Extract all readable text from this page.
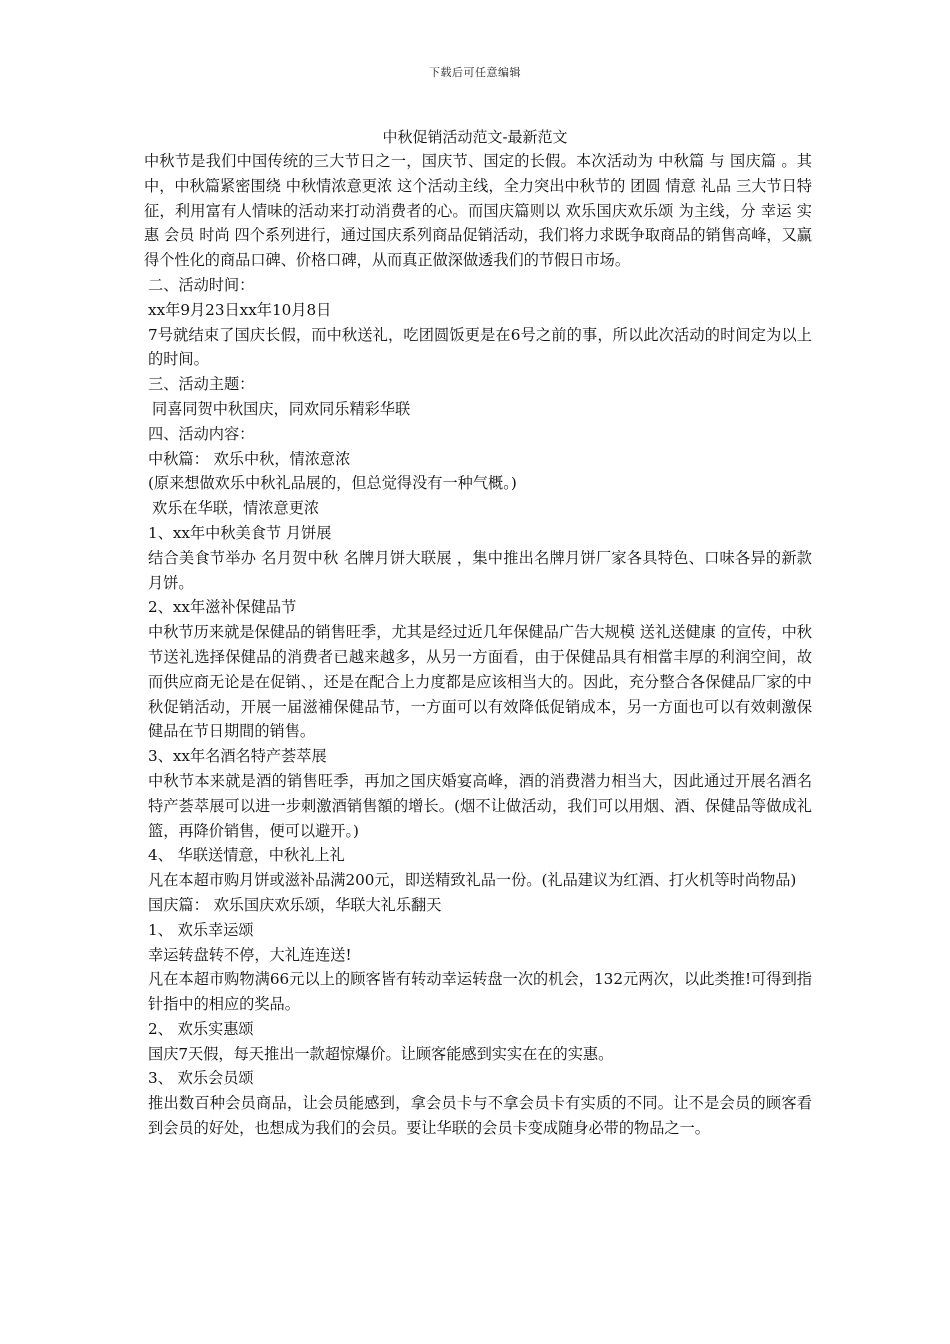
下载后可任意编辑
中秋促销活动范文-最新范文

中秋节是我们中国传统的三大节日之一，国庆节、国定的长假。本次活动为 中秋篇 与 国庆篇 。其中，中秋篇紧密围绕 中秋情浓意更浓 这个活动主线，全力突出中秋节的 团圆 情意 礼品 三大节日特征，利用富有人情味的活动来打动消费者的心。而国庆篇则以 欢乐国庆欢乐颂 为主线，分 幸运 实惠 会员 时尚 四个系列进行，通过国庆系列商品促销活动，我们将力求既争取商品的销售高峰，又赢得个性化的商品口碑、价格口碑，从而真正做深做透我们的节假日市场。

二、活动时间：

xx年9月23日xx年10月8日

7号就结束了国庆长假，而中秋送礼，吃团圆饭更是在6号之前的事，所以此次活动的时间定为以上的时间。

三、活动主题：

同喜同贺中秋国庆，同欢同乐精彩华联

四、活动内容：

中秋篇： 欢乐中秋，情浓意浓

(原来想做欢乐中秋礼品展的，但总觉得没有一种气概。)

欢乐在华联，情浓意更浓

1、xx年中秋美食节 月饼展

结合美食节举办 名月贺中秋 名牌月饼大联展 ，集中推出名牌月饼厂家各具特色、口味各异的新款月饼。

2、xx年滋补保健品节

中秋节历来就是保健品的销售旺季，尤其是经过近几年保健品广告大规模 送礼送健康 的宣传，中秋节送礼选择保健品的消费者已越来越多，从另一方面看，由于保健品具有相當丰厚的利润空间，故而供应商无论是在促销、，还是在配合上力度都是应该相当大的。因此，充分整合各保健品厂家的中秋促销活动，开展一届滋補保健品节，一方面可以有效降低促销成本，另一方面也可以有效刺激保健品在节日期間的销售。

3、xx年名酒名特产荟萃展

中秋节本来就是酒的销售旺季，再加之国庆婚宴高峰，酒的消费潜力相当大，因此通过开展名酒名特产荟萃展可以进一步刺激酒销售額的增长。(烟不让做活动，我们可以用烟、酒、保健品等做成礼篮，再降价销售，便可以避开。)

4、 华联送情意，中秋礼上礼

凡在本超市购月饼或滋补品满200元，即送精致礼品一份。(礼品建议为红酒、打火机等时尚物品)

国庆篇： 欢乐国庆欢乐颂，华联大礼乐翻天

1、 欢乐幸运颂

幸运转盘转不停，大礼连连送!

凡在本超市购物满66元以上的顾客皆有转动幸运转盘一次的机会，132元两次，以此类推!可得到指针指中的相应的奖品。

2、 欢乐实惠颂

国庆7天假，每天推出一款超惊爆价。让顾客能感到实实在在的实惠。

3、 欢乐会员颂

推出数百种会员商品，让会员能感到，拿会员卡与不拿会员卡有实质的不同。让不是会员的顾客看到会员的好处，也想成为我们的会员。要让华联的会员卡变成随身必带的物品之一。
